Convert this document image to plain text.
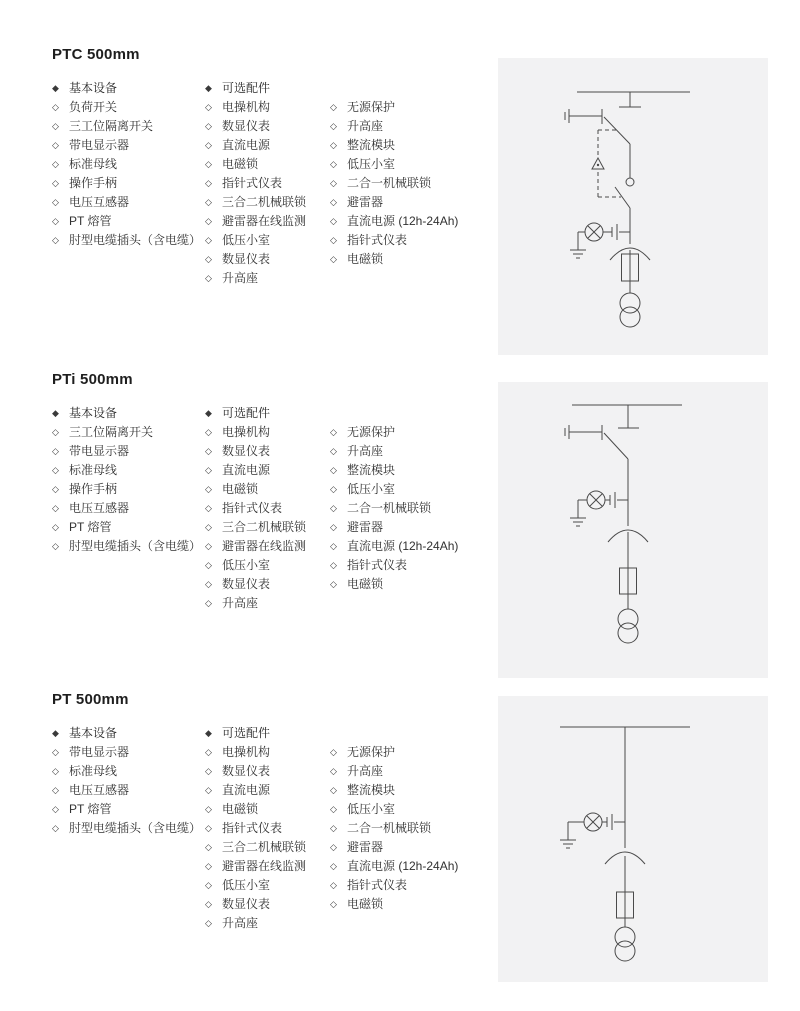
PTC 500mm
◆ 基本设备
◇ 负荷开关
◇ 三工位隔离开关
◇ 带电显示器
◇ 标准母线
◇ 操作手柄
◇ 电压互感器
◇ PT 熔管
◇ 肘型电缆插头（含电缆）
◆ 可选配件
◇ 电操机构
◇ 数显仪表
◇ 直流电源
◇ 电磁锁
◇ 指针式仪表
◇ 三合二机械联锁
◇ 避雷器在线监测
◇ 低压小室
◇ 数显仪表
◇ 升高座
◇ 无源保护
◇ 升高座
◇ 整流模块
◇ 低压小室
◇ 二合一机械联锁
◇ 避雷器
◇ 直流电源 (12h-24Ah)
◇ 指针式仪表
◇ 电磁锁
PTi 500mm
◆ 基本设备
◇ 三工位隔离开关
◇ 带电显示器
◇ 标准母线
◇ 操作手柄
◇ 电压互感器
◇ PT 熔管
◇ 肘型电缆插头（含电缆）
◆ 可选配件
◇ 电操机构
◇ 数显仪表
◇ 直流电源
◇ 电磁锁
◇ 指针式仪表
◇ 三合二机械联锁
◇ 避雷器在线监测
◇ 低压小室
◇ 数显仪表
◇ 升高座
◇ 无源保护
◇ 升高座
◇ 整流模块
◇ 低压小室
◇ 二合一机械联锁
◇ 避雷器
◇ 直流电源 (12h-24Ah)
◇ 指针式仪表
◇ 电磁锁
PT 500mm
◆ 基本设备
◇ 带电显示器
◇ 标准母线
◇ 电压互感器
◇ PT 熔管
◇ 肘型电缆插头（含电缆）
◆ 可选配件
◇ 电操机构
◇ 数显仪表
◇ 直流电源
◇ 电磁锁
◇ 指针式仪表
◇ 三合二机械联锁
◇ 避雷器在线监测
◇ 低压小室
◇ 数显仪表
◇ 升高座
◇ 无源保护
◇ 升高座
◇ 整流模块
◇ 低压小室
◇ 二合一机械联锁
◇ 避雷器
◇ 直流电源 (12h-24Ah)
◇ 指针式仪表
◇ 电磁锁
